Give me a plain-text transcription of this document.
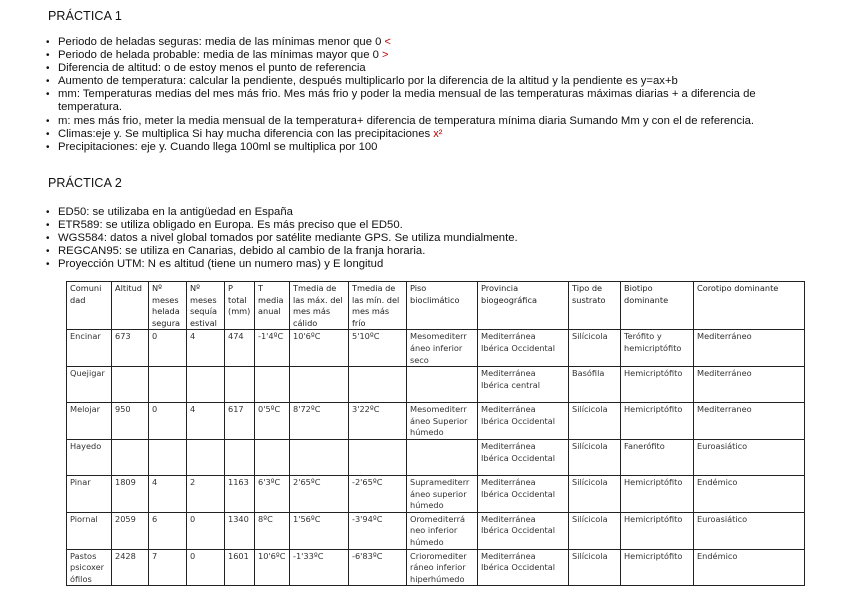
PRÁCTICA 1
• Periodo de heladas seguras: media de las mínimas menor que 0 <
• Periodo de helada probable: media de las mínimas mayor que 0 >
• Diferencia de altitud: o de estoy menos el punto de referencia
• Aumento de temperatura: calcular la pendiente, después multiplicarlo por la diferencia de la altitud y la pendiente es y=ax+b
• mm: Temperaturas medias del mes más frio. Mes más frio y poder la media mensual de las temperaturas máximas diarias + a diferencia de temperatura.
• m: mes más frio, meter la media mensual de la temperatura+ diferencia de temperatura mínima diaria Sumando Mm y con el de referencia.
• Climas:eje y. Se multiplica Si hay mucha diferencia con las precipitaciones x²
• Precipitaciones: eje y. Cuando llega 100ml se multiplica por 100
PRÁCTICA 2
• ED50: se utilizaba en la antigüedad en España
• ETR589: se utiliza obligado en Europa. Es más preciso que el ED50.
• WGS584: datos a nivel global tomados por satélite mediante GPS. Se utiliza mundialmente.
• REGCAN95: se utiliza en Canarias, debido al cambio de la franja horaria.
• Proyección UTM: N es altitud (tiene un numero mas) y E longitud
Comuni dad	Altitud	Nº meses helada segura	Nº meses sequía estival	P total (mm)	T media anual	Tmedia de las máx. del mes más cálido	Tmedia de las mín. del mes más frío	Piso bioclimático	Provincia biogeográfica	Tipo de sustrato	Biotipo dominante	Corotipo dominante
Encinar	673	0	4	474	-1'4ºC	10'6ºC	5'10ºC	Mesomediterr áneo inferior seco	Mediterránea Ibérica Occidental	Silícicola	Terófito y hemicriptófito	Mediterráneo
Quejigar									Mediterránea Ibérica central	Basófila	Hemicriptófito	Mediterráneo
Melojar	950	0	4	617	0'5ºC	8'72ºC	3'22ºC	Mesomediterr áneo Superior húmedo	Mediterránea Ibérica Occidental	Silícicola	Hemicriptófito	Mediterraneo
Hayedo									Mediterránea Ibérica Occidental	Silícicola	Fanerófito	Euroasiático
Pinar	1809	4	2	1163	6'3ºC	2'65ºC	-2'65ºC	Supramediterr áneo superior húmedo	Mediterránea Ibérica Occidental	Silícicola	Hemicriptófito	Endémico
Piornal	2059	6	0	1340	8ºC	1'56ºC	-3'94ºC	Oromediterrá neo inferior húmedo	Mediterránea Ibérica Occidental	Silícicola	Hemicriptófito	Euroasiático
Pastos psicoxer ófilos	2428	7	0	1601	10'6ºC	-1'33ºC	-6'83ºC	Crioromediter ráneo inferior hiperhúmedo	Mediterránea Ibérica Occidental	Silícicola	Hemicriptófito	Endémico
